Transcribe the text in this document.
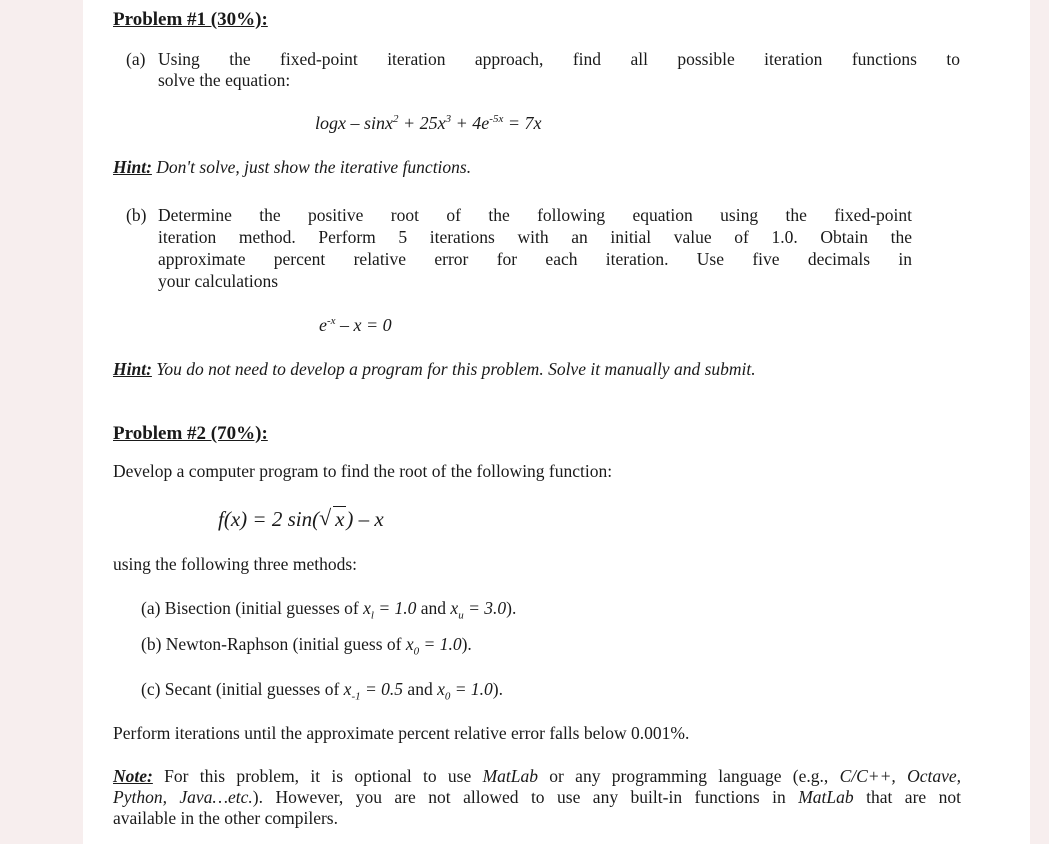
Problem #1 (30%):
(a) Using the fixed-point iteration approach, find all possible iteration functions to
solve the equation:
$\log x - \sin x^2 + 25x^3 + 4e^{-5x} = 7x$
Hint: Don't solve, just show the iterative functions.
(b) Determine the positive root of the following equation using the fixed-point
iteration method. Perform 5 iterations with an initial value of 1.0. Obtain the
approximate percent relative error for each iteration. Use five decimals in
your calculations
$e^{-x} - x = 0$
Hint: You do not need to develop a program for this problem. Solve it manually and submit.
Problem #2 (70%):
Develop a computer program to find the root of the following function:
f(x) = 2 sin(√ x) – x
using the following three methods:
(a) Bisection (initial guesses of $x_l = 1.0$ and $x_u = 3.0$).
(b) Newton-Raphson (initial guess of $x_0 = 1.0$).
(c) Secant (initial guesses of $x_{-1} = 0.5$ and $x_0 = 1.0$).
Perform iterations until the approximate percent relative error falls below 0.001%.
Note: For this problem, it is optional to use MatLab or any programming language (e.g., C/C++, Octave,
Python, Java…etc.). However, you are not allowed to use any built-in functions in MatLab that are not
available in the other compilers.
